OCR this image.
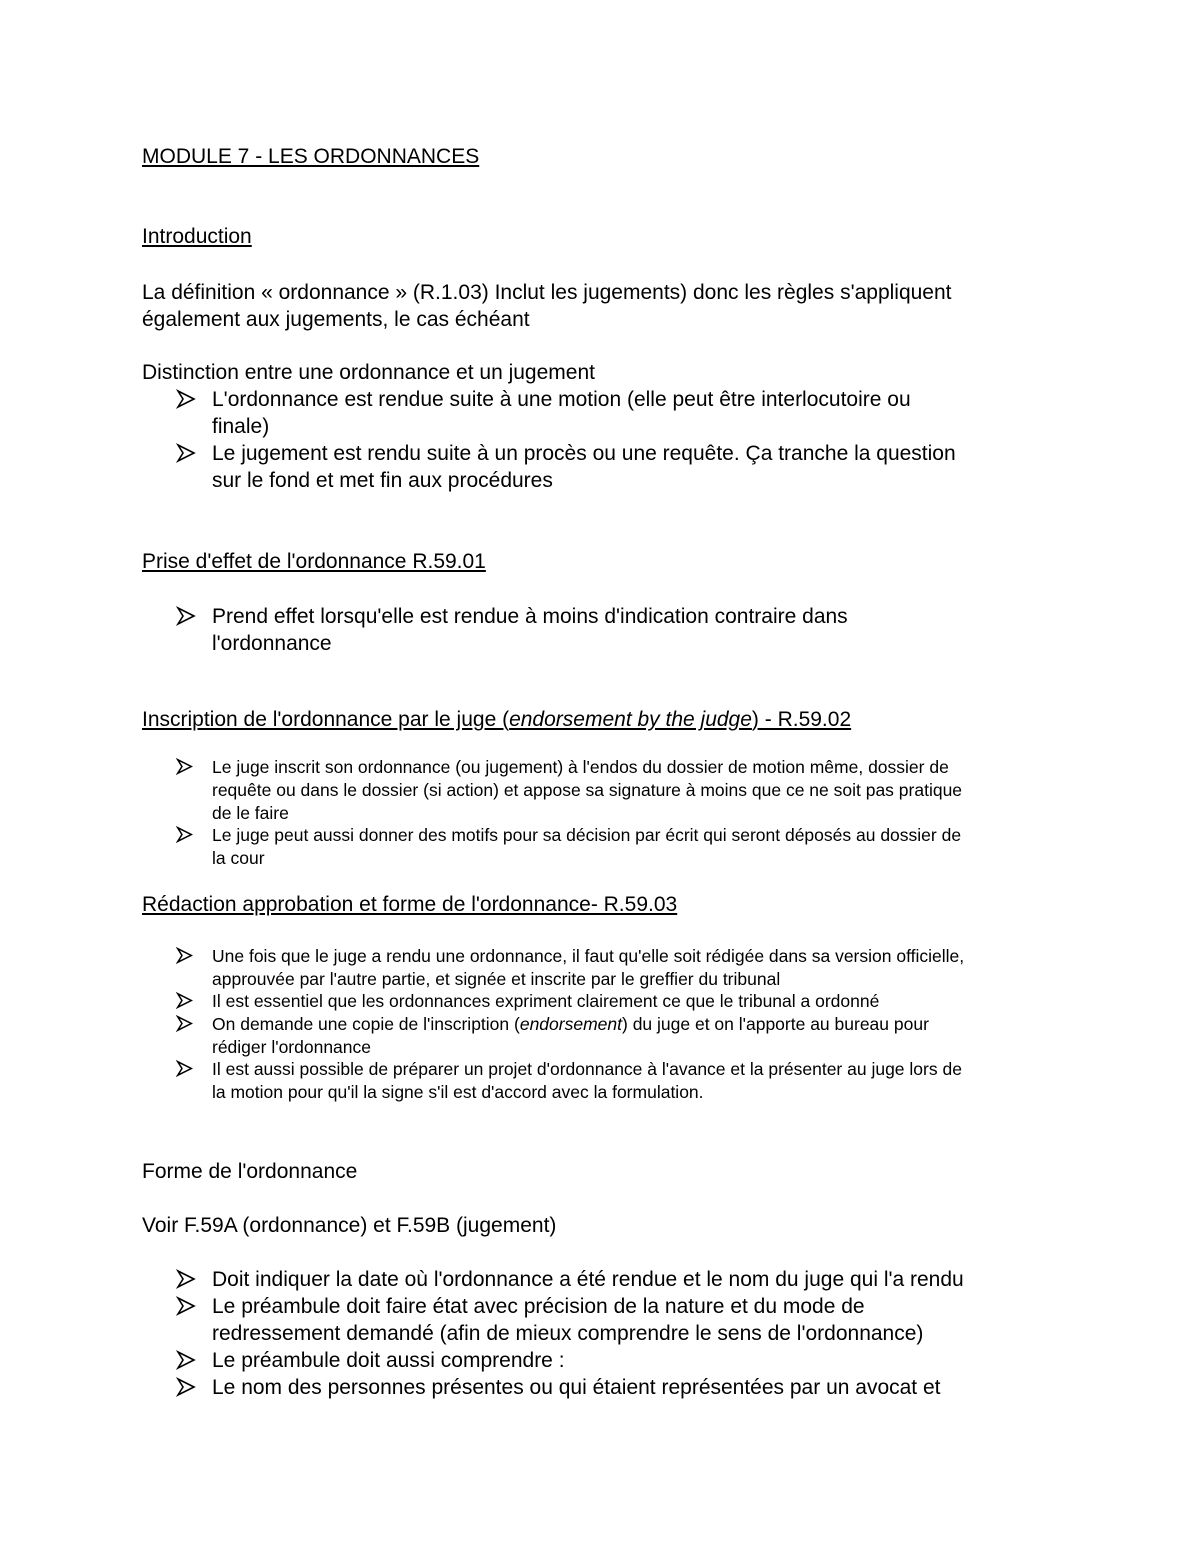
MODULE 7 - LES ORDONNANCES
Introduction

La définition « ordonnance » (R.1.03) Inclut les jugements) donc les règles s'appliquent

également aux jugements, le cas échéant

Distinction entre une ordonnance et un jugement

L'ordonnance est rendue suite à une motion (elle peut être interlocutoire ou
finale)
Le jugement est rendu suite à un procès ou une requête. Ça tranche la question
sur le fond et met fin aux procédures
Prise d'effet de l'ordonnance R.59.01
Prend effet lorsqu'elle est rendue à moins d'indication contraire dans
l'ordonnance
Inscription de l'ordonnance par le juge (endorsement by the judge) - R.59.02
Le juge inscrit son ordonnance (ou jugement) à l'endos du dossier de motion même, dossier de
requête ou dans le dossier (si action) et appose sa signature à moins que ce ne soit pas pratique
de le faire
Le juge peut aussi donner des motifs pour sa décision par écrit qui seront déposés au dossier de
la cour
Rédaction approbation et forme de l'ordonnance- R.59.03
Une fois que le juge a rendu une ordonnance, il faut qu'elle soit rédigée dans sa version officielle,
approuvée par l'autre partie, et signée et inscrite par le greffier du tribunal
Il est essentiel que les ordonnances expriment clairement ce que le tribunal a ordonné
On demande une copie de l'inscription (endorsement) du juge et on l'apporte au bureau pour
rédiger l'ordonnance
Il est aussi possible de préparer un projet d'ordonnance à l'avance et la présenter au juge lors de
la motion pour qu'il la signe s'il est d'accord avec la formulation.
Forme de l'ordonnance

Voir F.59A (ordonnance) et F.59B (jugement)

Doit indiquer la date où l'ordonnance a été rendue et le nom du juge qui l'a rendu
Le préambule doit faire état avec précision de la nature et du mode de
redressement demandé (afin de mieux comprendre le sens de l'ordonnance)
Le préambule doit aussi comprendre :
Le nom des personnes présentes ou qui étaient représentées par un avocat et
